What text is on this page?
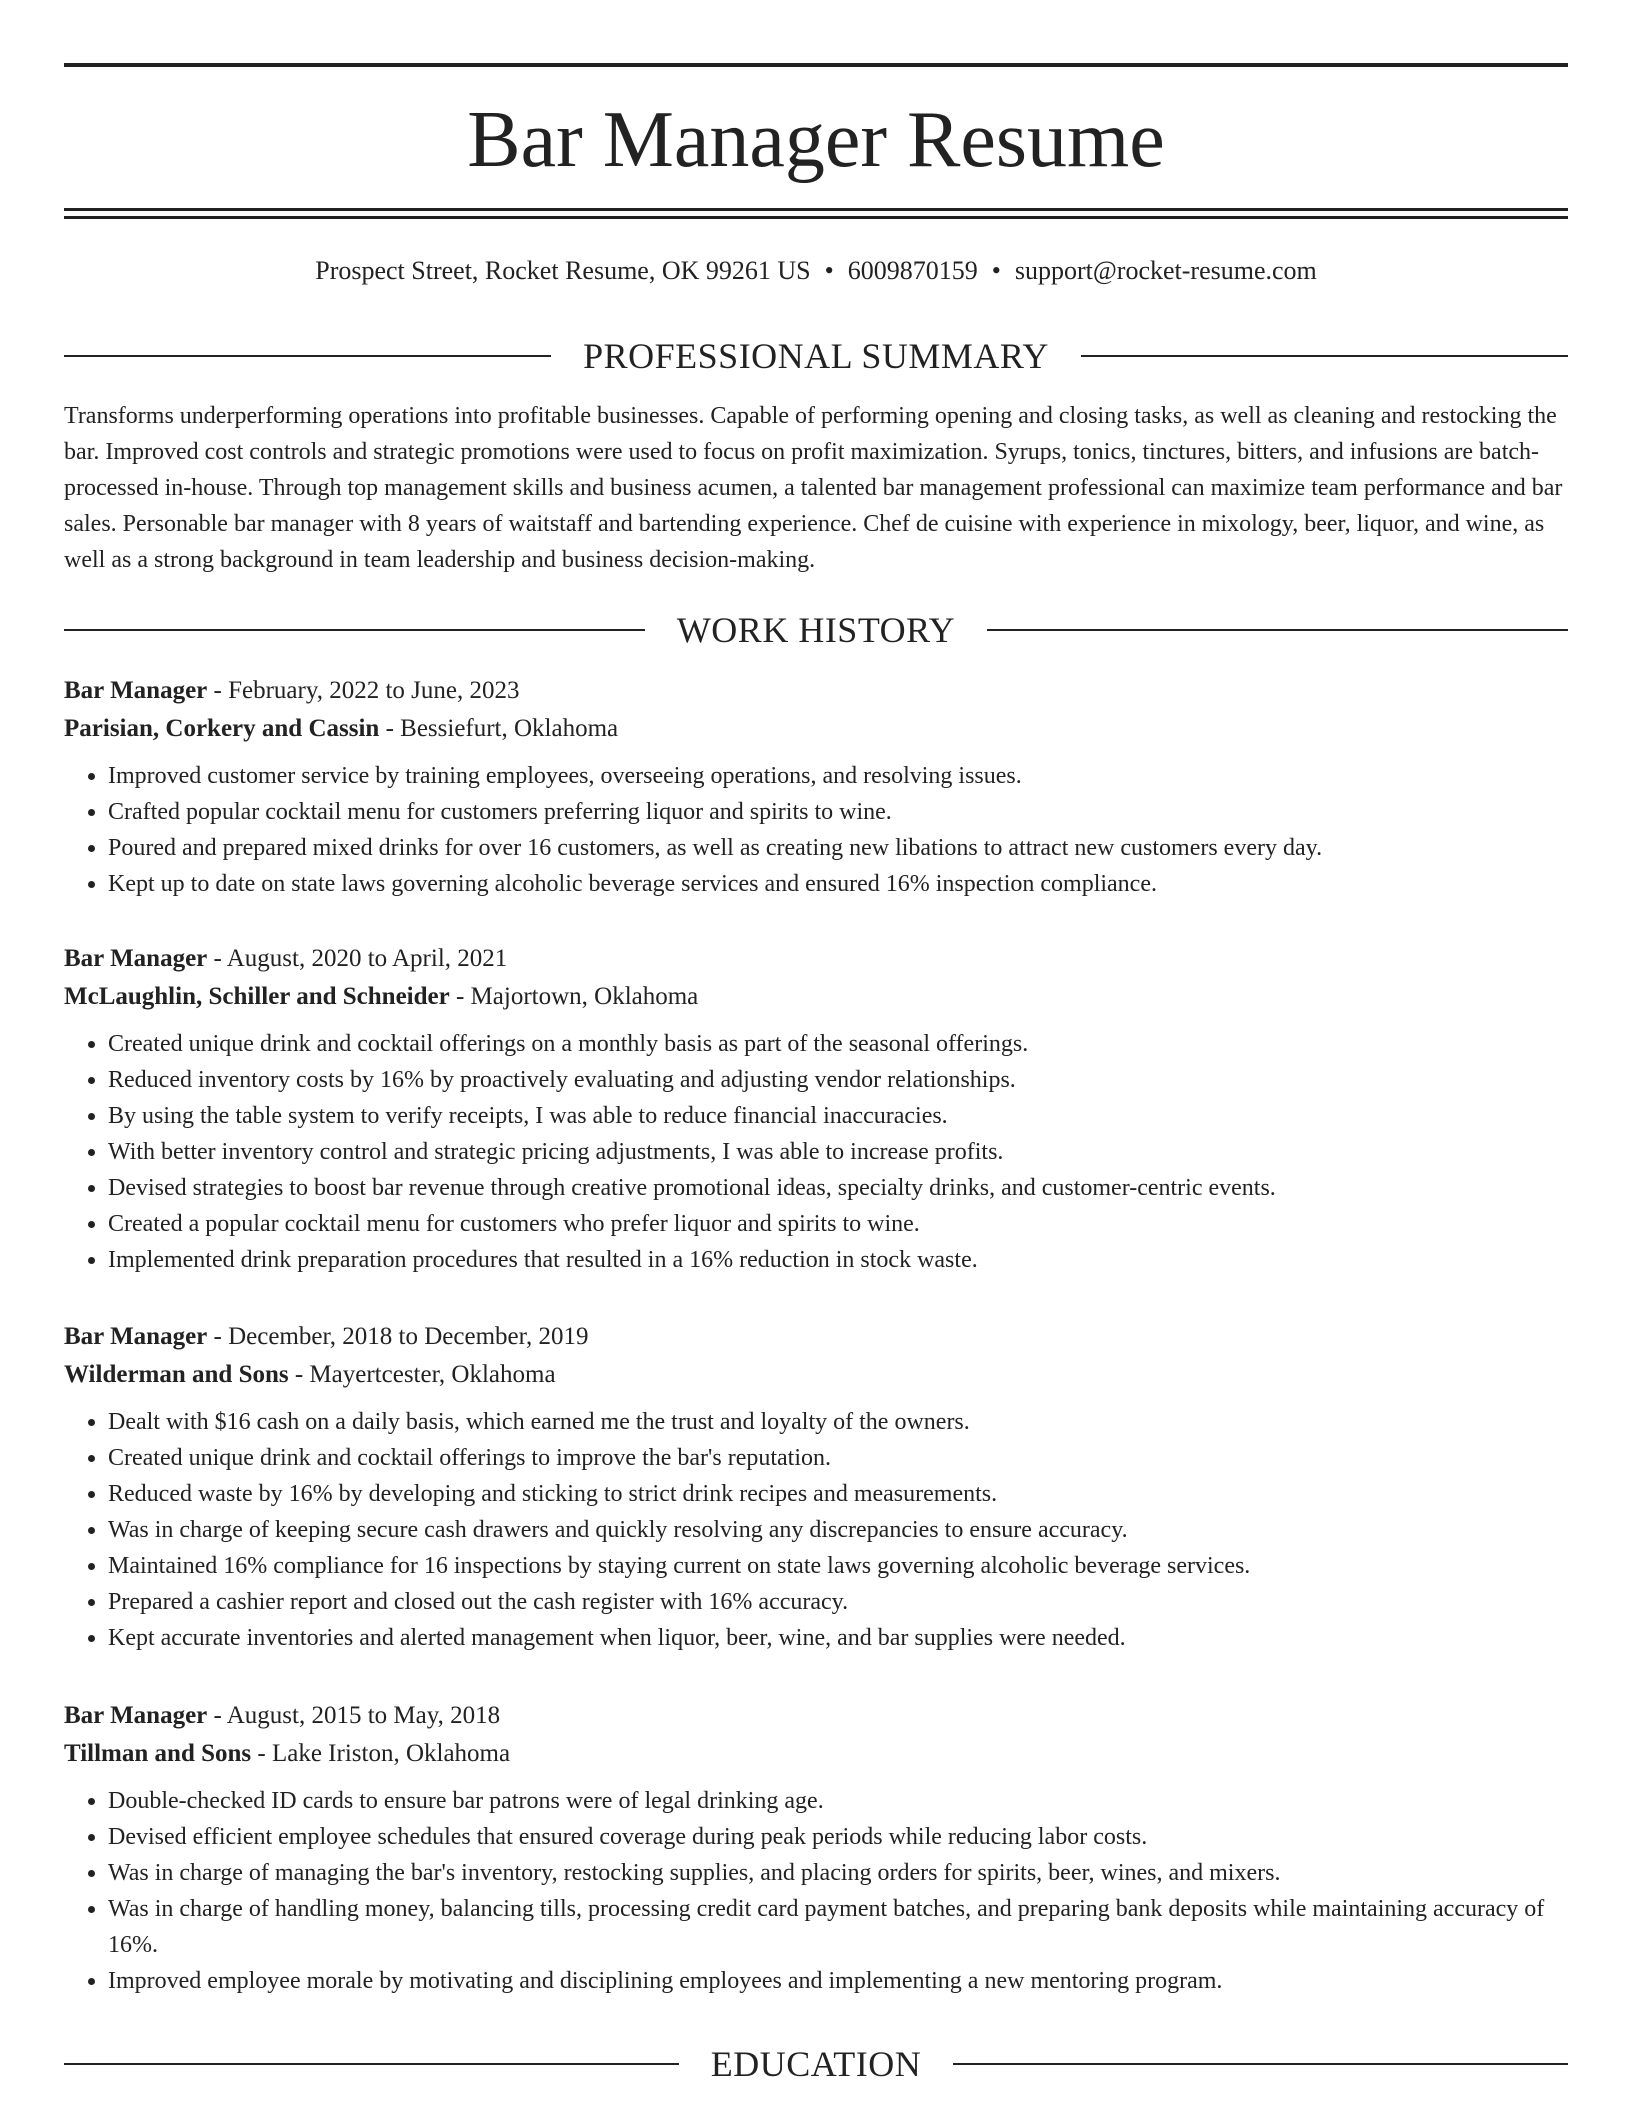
Bar Manager Resume
Prospect Street, Rocket Resume, OK 99261 US • 6009870159 • support@rocket-resume.com
PROFESSIONAL SUMMARY

Transforms underperforming operations into profitable businesses. Capable of performing opening and closing tasks, as well as cleaning and restocking the bar. Improved cost controls and strategic promotions were used to focus on profit maximization. Syrups, tonics, tinctures, bitters, and infusions are batch-processed in-house. Through top management skills and business acumen, a talented bar management professional can maximize team performance and bar sales. Personable bar manager with 8 years of waitstaff and bartending experience. Chef de cuisine with experience in mixology, beer, liquor, and wine, as well as a strong background in team leadership and business decision-making.

WORK HISTORY
Bar Manager - February, 2022 to June, 2023
Parisian, Corkery and Cassin - Bessiefurt, Oklahoma
• Improved customer service by training employees, overseeing operations, and resolving issues.
• Crafted popular cocktail menu for customers preferring liquor and spirits to wine.
• Poured and prepared mixed drinks for over 16 customers, as well as creating new libations to attract new customers every day.
• Kept up to date on state laws governing alcoholic beverage services and ensured 16% inspection compliance.
Bar Manager - August, 2020 to April, 2021
McLaughlin, Schiller and Schneider - Majortown, Oklahoma
• Created unique drink and cocktail offerings on a monthly basis as part of the seasonal offerings.
• Reduced inventory costs by 16% by proactively evaluating and adjusting vendor relationships.
• By using the table system to verify receipts, I was able to reduce financial inaccuracies.
• With better inventory control and strategic pricing adjustments, I was able to increase profits.
• Devised strategies to boost bar revenue through creative promotional ideas, specialty drinks, and customer-centric events.
• Created a popular cocktail menu for customers who prefer liquor and spirits to wine.
• Implemented drink preparation procedures that resulted in a 16% reduction in stock waste.
Bar Manager - December, 2018 to December, 2019
Wilderman and Sons - Mayertcester, Oklahoma
• Dealt with $16 cash on a daily basis, which earned me the trust and loyalty of the owners.
• Created unique drink and cocktail offerings to improve the bar's reputation.
• Reduced waste by 16% by developing and sticking to strict drink recipes and measurements.
• Was in charge of keeping secure cash drawers and quickly resolving any discrepancies to ensure accuracy.
• Maintained 16% compliance for 16 inspections by staying current on state laws governing alcoholic beverage services.
• Prepared a cashier report and closed out the cash register with 16% accuracy.
• Kept accurate inventories and alerted management when liquor, beer, wine, and bar supplies were needed.
Bar Manager - August, 2015 to May, 2018
Tillman and Sons - Lake Iriston, Oklahoma
• Double-checked ID cards to ensure bar patrons were of legal drinking age.
• Devised efficient employee schedules that ensured coverage during peak periods while reducing labor costs.
• Was in charge of managing the bar's inventory, restocking supplies, and placing orders for spirits, beer, wines, and mixers.
• Was in charge of handling money, balancing tills, processing credit card payment batches, and preparing bank deposits while maintaining accuracy of 16%.
• Improved employee morale by motivating and disciplining employees and implementing a new mentoring program.
EDUCATION
